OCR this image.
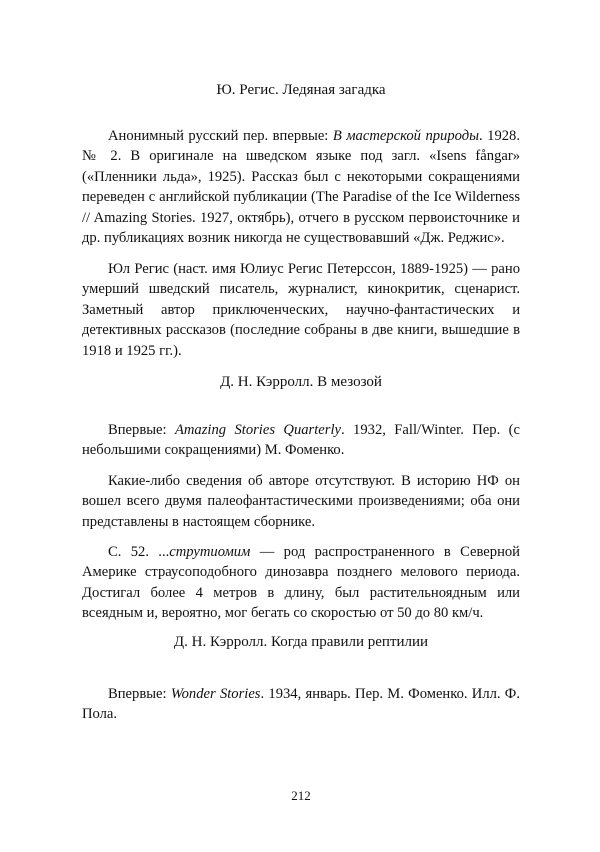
Ю. Регис. Ледяная загадка

Анонимный русский пер. впервые: В мастерской природы. 1928. № 2. В оригинале на шведском языке под загл. «Isens fångar» («Пленники льда», 1925). Рассказ был с некоторыми сокращениями переведен с английской публикации (The Paradise of the Ice Wilderness // Amazing Stories. 1927, октябрь), отчего в русском первоисточнике и др. публикациях возник никогда не существовавший «Дж. Реджис».

Юл Регис (наст. имя Юлиус Регис Петерссон, 1889-1925) — рано умерший шведский писатель, журналист, кинокритик, сценарист. Заметный автор приключенческих, научно-фантастических и детективных рассказов (последние собраны в две книги, вышедшие в 1918 и 1925 гг.).

Д. Н. Кэрролл. В мезозой

Впервые: Amazing Stories Quarterly. 1932, Fall/Winter. Пер. (с небольшими сокращениями) М. Фоменко.

Какие-либо сведения об авторе отсутствуют. В историю НФ он вошел всего двумя палеофантастическими произведениями; оба они представлены в настоящем сборнике.

С. 52. ...струтиомим — род распространенного в Северной Америке страусоподобного динозавра позднего мелового периода. Достигал более 4 метров в длину, был растительноядным или всеядным и, вероятно, мог бегать со скоростью от 50 до 80 км/ч.

Д. Н. Кэрролл. Когда правили рептилии

Впервые: Wonder Stories. 1934, январь. Пер. М. Фоменко. Илл. Ф. Пола.

212
